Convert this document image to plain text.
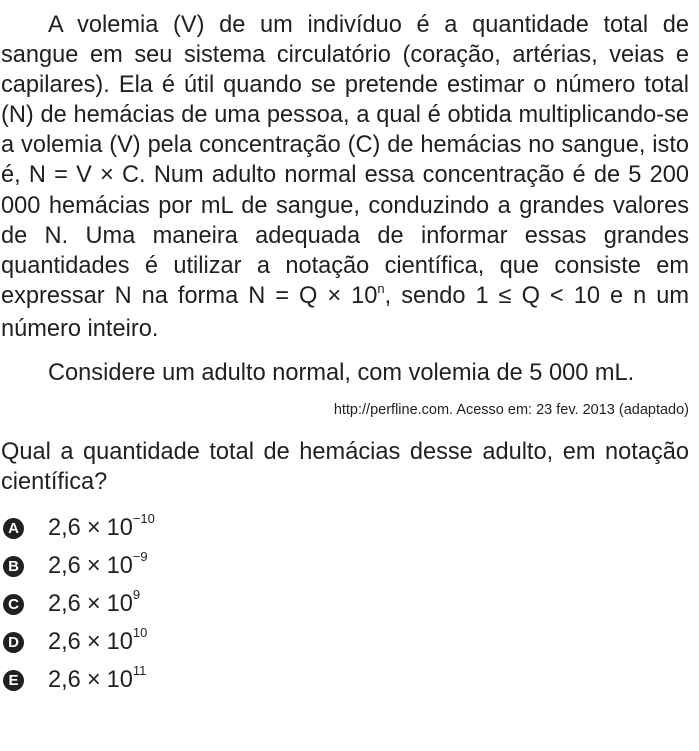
A volemia (V) de um indivíduo é a quantidade total de sangue em seu sistema circulatório (coração, artérias, veias e capilares). Ela é útil quando se pretende estimar o número total (N) de hemácias de uma pessoa, a qual é obtida multiplicando-se a volemia (V) pela concentração (C) de hemácias no sangue, isto é, N = V × C. Num adulto normal essa concentração é de 5 200 000 hemácias por mL de sangue, conduzindo a grandes valores de N. Uma maneira adequada de informar essas grandes quantidades é utilizar a notação científica, que consiste em expressar N na forma $N = Q \times 10^n$, sendo 1 ≤ Q < 10 e n um número inteiro.

Considere um adulto normal, com volemia de 5 000 mL.

http://perfline.com. Acesso em: 23 fev. 2013 (adaptado)

Qual a quantidade total de hemácias desse adulto, em notação científica?

A $2,6 \times 10^{-10}$
B $2,6 \times 10^{-9}$
C $2,6 \times 10^9$
D $2,6 \times 10^{10}$
E $2,6 \times 10^{11}$
